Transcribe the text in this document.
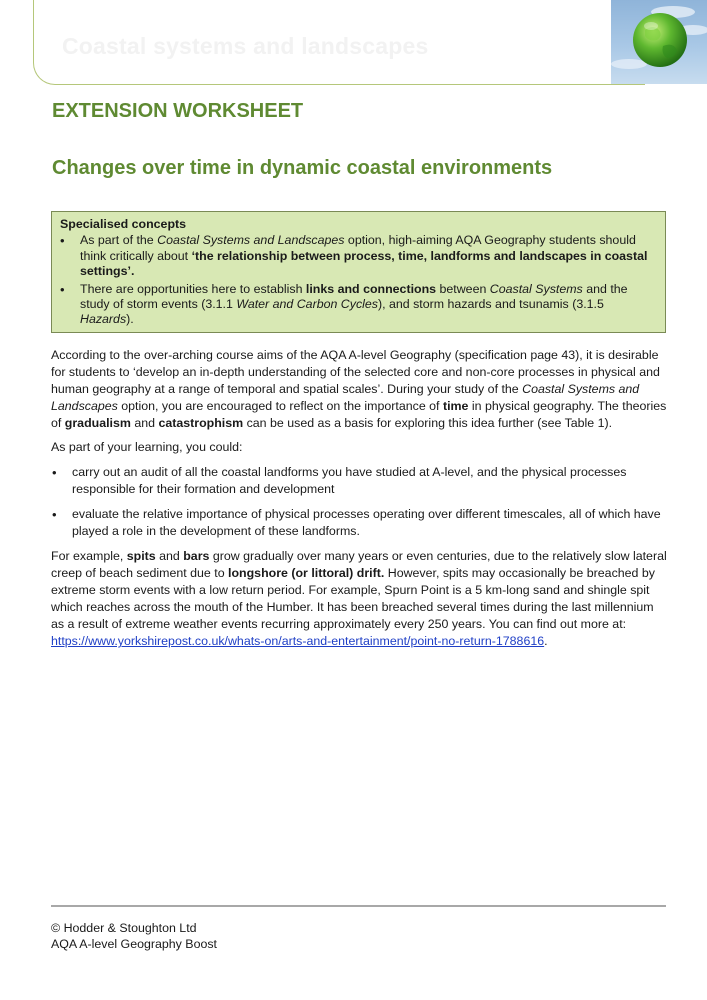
Coastal systems and landscapes
EXTENSION WORKSHEET
Changes over time in dynamic coastal environments
Specialised concepts
• As part of the Coastal Systems and Landscapes option, high-aiming AQA Geography students should think critically about ‘the relationship between process, time, landforms and landscapes in coastal settings’.
• There are opportunities here to establish links and connections between Coastal Systems and the study of storm events (3.1.1 Water and Carbon Cycles), and storm hazards and tsunamis (3.1.5 Hazards).

According to the over-arching course aims of the AQA A-level Geography (specification page 43), it is desirable for students to ‘develop an in-depth understanding of the selected core and non-core processes in physical and human geography at a range of temporal and spatial scales’. During your study of the Coastal Systems and Landscapes option, you are encouraged to reflect on the importance of time in physical geography. The theories of gradualism and catastrophism can be used as a basis for exploring this idea further (see Table 1).

As part of your learning, you could:

• carry out an audit of all the coastal landforms you have studied at A-level, and the physical processes responsible for their formation and development
• evaluate the relative importance of physical processes operating over different timescales, all of which have played a role in the development of these landforms.

For example, spits and bars grow gradually over many years or even centuries, due to the relatively slow lateral creep of beach sediment due to longshore (or littoral) drift. However, spits may occasionally be breached by extreme storm events with a low return period. For example, Spurn Point is a 5 km-long sand and shingle spit which reaches across the mouth of the Humber. It has been breached several times during the last millennium as a result of extreme weather events recurring approximately every 250 years. You can find out more at: https://www.yorkshirepost.co.uk/whats-on/arts-and-entertainment/point-no-return-1788616.

© Hodder & Stoughton Ltd
AQA A-level Geography Boost
